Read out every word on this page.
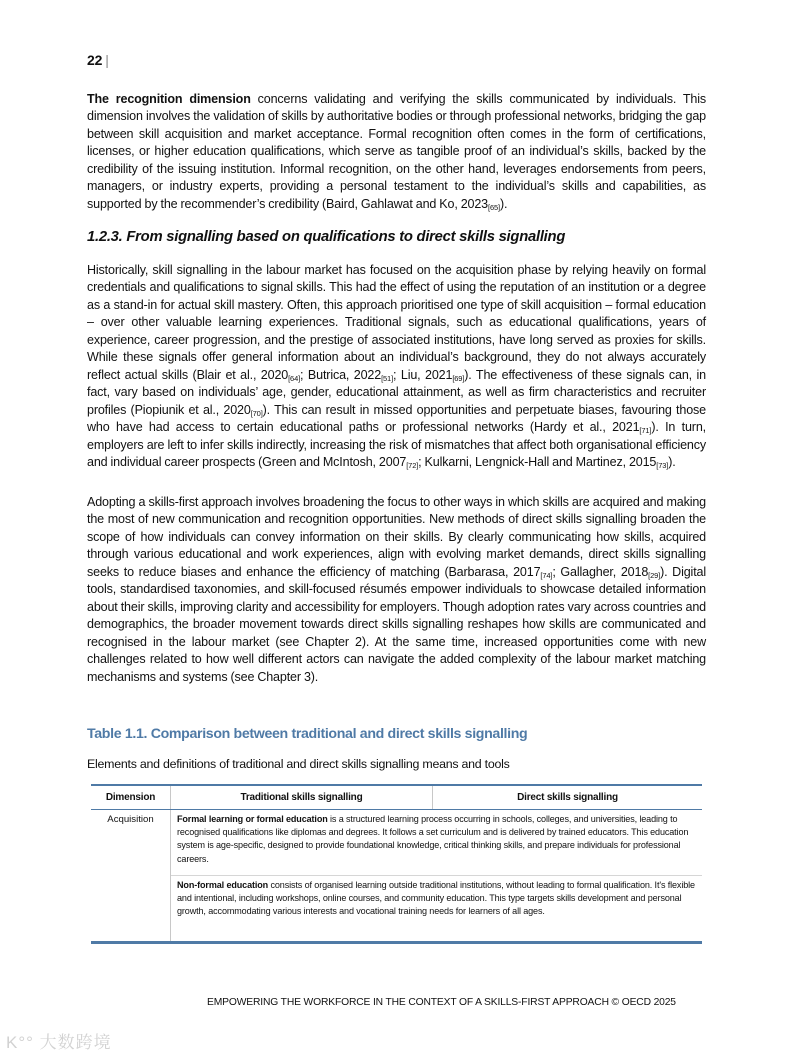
22 |

The recognition dimension concerns validating and verifying the skills communicated by individuals. This dimension involves the validation of skills by authoritative bodies or through professional networks, bridging the gap between skill acquisition and market acceptance. Formal recognition often comes in the form of certifications, licenses, or higher education qualifications, which serve as tangible proof of an individual’s skills, backed by the credibility of the issuing institution. Informal recognition, on the other hand, leverages endorsements from peers, managers, or industry experts, providing a personal testament to the individual’s skills and capabilities, as supported by the recommender’s credibility (Baird, Gahlawat and Ko, $2023_{[65]}$).

1.2.3. From signalling based on qualifications to direct skills signalling

Historically, skill signalling in the labour market has focused on the acquisition phase by relying heavily on formal credentials and qualifications to signal skills. This had the effect of using the reputation of an institution or a degree as a stand-in for actual skill mastery. Often, this approach prioritised one type of skill acquisition – formal education – over other valuable learning experiences. Traditional signals, such as educational qualifications, years of experience, career progression, and the prestige of associated institutions, have long served as proxies for skills. While these signals offer general information about an individual’s background, they do not always accurately reflect actual skills (Blair et al., $2020_{[64]}$; Butrica, $2022_{[51]}$; Liu, $2021_{[69]}$). The effectiveness of these signals can, in fact, vary based on individuals’ age, gender, educational attainment, as well as firm characteristics and recruiter profiles (Piopiunik et al., $2020_{[70]}$). This can result in missed opportunities and perpetuate biases, favouring those who have had access to certain educational paths or professional networks (Hardy et al., $2021_{[71]}$). In turn, employers are left to infer skills indirectly, increasing the risk of mismatches that affect both organisational efficiency and individual career prospects (Green and McIntosh, $2007_{[72]}$; Kulkarni, Lengnick-Hall and Martinez, $2015_{[73]}$).

Adopting a skills-first approach involves broadening the focus to other ways in which skills are acquired and making the most of new communication and recognition opportunities. New methods of direct skills signalling broaden the scope of how individuals can convey information on their skills. By clearly communicating how skills, acquired through various educational and work experiences, align with evolving market demands, direct skills signalling seeks to reduce biases and enhance the efficiency of matching (Barbarasa, $2017_{[74]}$; Gallagher, $2018_{[29]}$). Digital tools, standardised taxonomies, and skill-focused résumés empower individuals to showcase detailed information about their skills, improving clarity and accessibility for employers. Though adoption rates vary across countries and demographics, the broader movement towards direct skills signalling reshapes how skills are communicated and recognised in the labour market (see Chapter 2). At the same time, increased opportunities come with new challenges related to how well different actors can navigate the added complexity of the labour market matching mechanisms and systems (see Chapter 3).

Table 1.1. Comparison between traditional and direct skills signalling
Elements and definitions of traditional and direct skills signalling means and tools
Dimension	Traditional skills signalling	Direct skills signalling
Acquisition	Formal learning or formal education is a structured learning process occurring in schools, colleges, and universities, leading to recognised qualifications like diplomas and degrees. It follows a set curriculum and is delivered by trained educators. This education system is age-specific, designed to provide foundational knowledge, critical thinking skills, and prepare individuals for professional careers.
Non-formal education consists of organised learning outside traditional institutions, without leading to formal qualification. It's flexible and intentional, including workshops, online courses, and community education. This type targets skills development and personal growth, accommodating various interests and vocational training needs for learners of all ages.
EMPOWERING THE WORKFORCE IN THE CONTEXT OF A SKILLS-FIRST APPROACH © OECD 2025
K°° 大数跨境
